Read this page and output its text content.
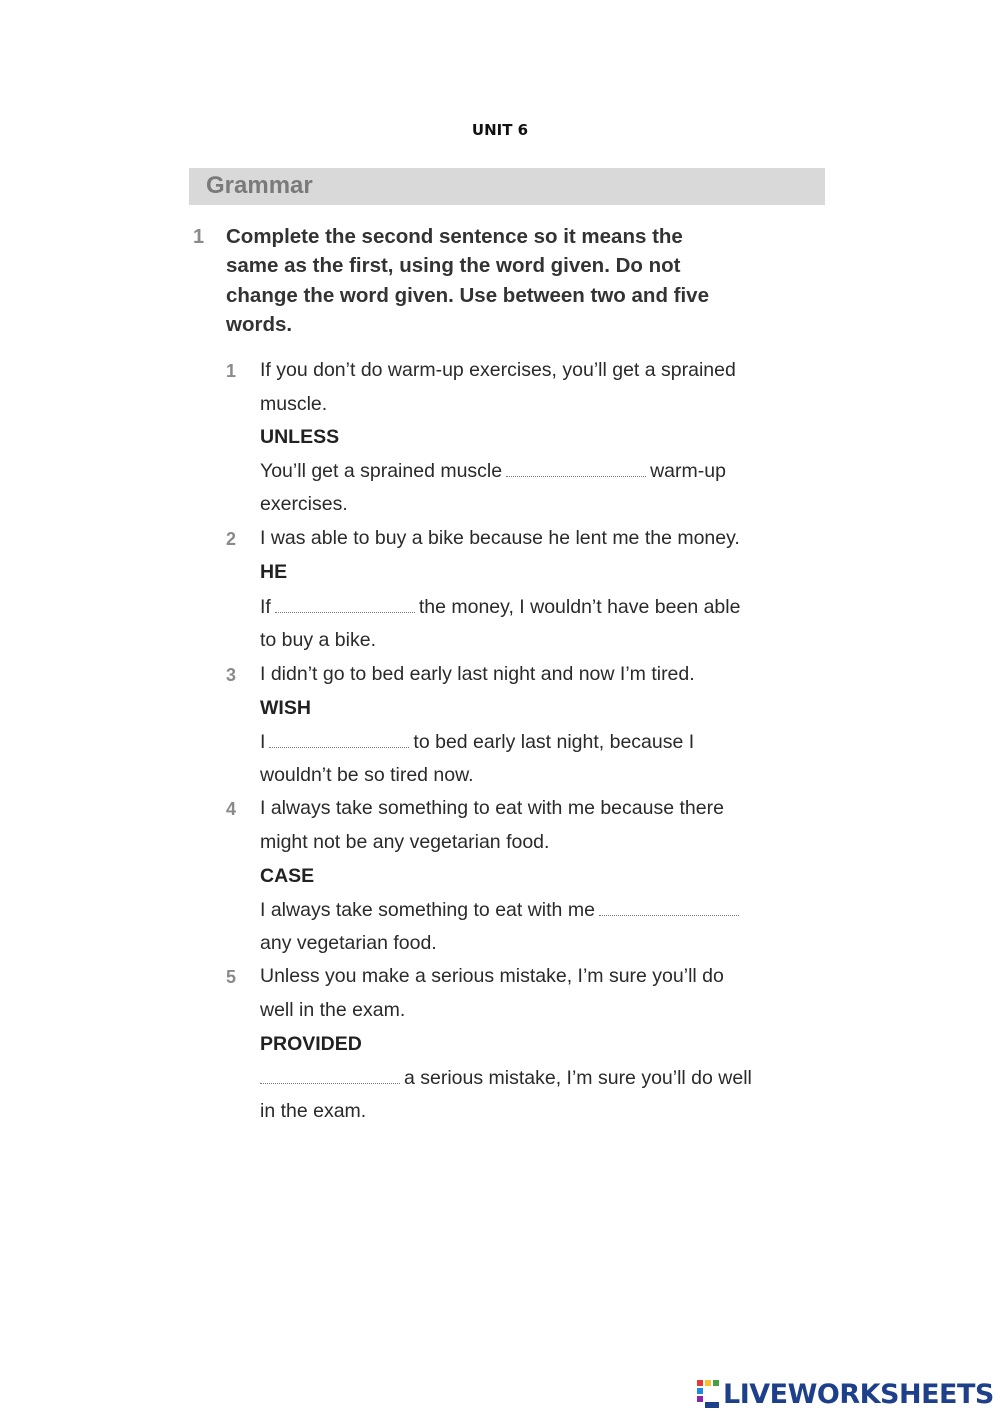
UNIT 6
Grammar
1 Complete the second sentence so it means the
same as the first, using the word given. Do not
change the word given. Use between two and five
words.
1 If you don’t do warm-up exercises, you’ll get a sprained
muscle.
UNLESS
You’ll get a sprained muscle	warm-up
exercises.
2 I was able to buy a bike because he lent me the money.
HE
If	the money, I wouldn’t have been able
to buy a bike.
3 I didn’t go to bed early last night and now I’m tired.
WISH
I	to bed early last night, because I
wouldn’t be so tired now.
4 I always take something to eat with me because there
might not be any vegetarian food.
CASE
I always take something to eat with me
any vegetarian food.
5 Unless you make a serious mistake, I’m sure you’ll do
well in the exam.
PROVIDED
a serious mistake, I’m sure you’ll do well
in the exam.
LIVEWORKSHEETS
